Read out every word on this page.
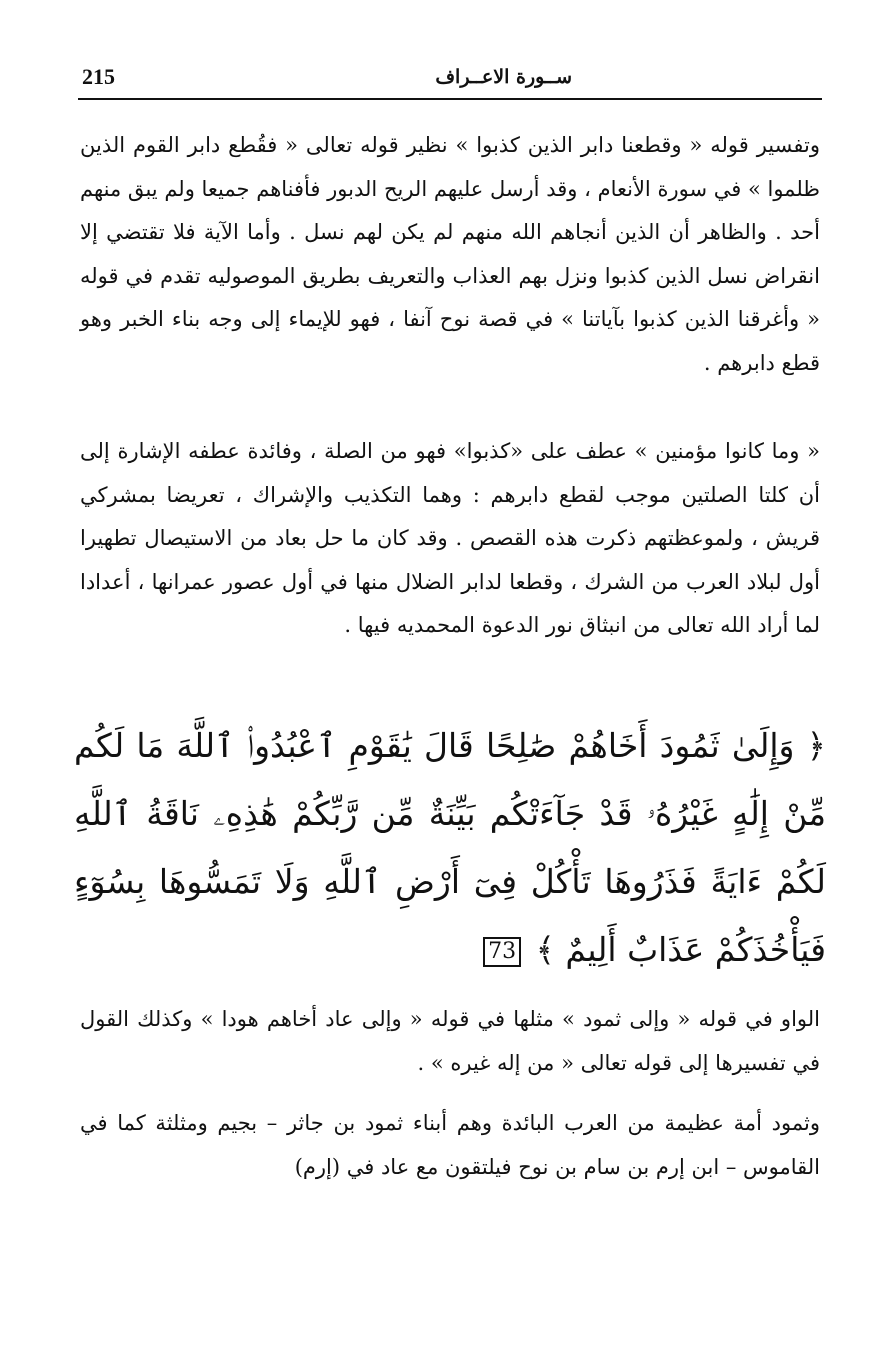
215	ســورة الاعــراف

وتفسير قوله « وقطعنا دابر الذين كذبوا » نظير قوله تعالى « فقُطع دابر القوم الذين ظلموا » في سورة الأنعام ، وقد أرسل عليهم الريح الدبور فأفناهم جميعا ولم يبق منهم أحد . والظاهر أن الذين أنجاهم الله منهم لم يكن لهم نسل . وأما الآية فلا تقتضي إلا انقراض نسل الذين كذبوا ونزل بهم العذاب والتعريف بطريق الموصوليه تقدم في قوله « وأغرقنا الذين كذبوا بآياتنا » في قصة نوح آنفا ، فهو للإيماء إلى وجه بناء الخبر وهو قطع دابرهم .

« وما كانوا مؤمنين » عطف على «كذبوا» فهو من الصلة ، وفائدة عطفه الإشارة إلى أن كلتا الصلتين موجب لقطع دابرهم : وهما التكذيب والإشراك ، تعريضا بمشركي قريش ، ولموعظتهم ذكرت هذه القصص . وقد كان ما حل بعاد من الاستيصال تطهيرا أول لبلاد العرب من الشرك ، وقطعا لدابر الضلال منها في أول عصور عمرانها ، أعدادا لما أراد الله تعالى من انبثاق نور الدعوة المحمديه فيها .

﴿ وَإِلَىٰ ثَمُودَ أَخَاهُمْ صَٰلِحًا قَالَ يَٰقَوْمِ ٱعْبُدُوا۟ ٱللَّهَ مَا لَكُم مِّنْ إِلَٰهٍ غَيْرُهُۥ قَدْ جَآءَتْكُم بَيِّنَةٌ مِّن رَّبِّكُمْ هَٰذِهِۦ نَاقَةُ ٱللَّهِ لَكُمْ ءَايَةً فَذَرُوهَا تَأْكُلْ فِىٓ أَرْضِ ٱللَّهِ وَلَا تَمَسُّوهَا بِسُوٓءٍ فَيَأْخُذَكُمْ عَذَابٌ أَلِيمٌ ﴾ 73

الواو في قوله « وإلى ثمود » مثلها في قوله « وإلى عاد أخاهم هودا » وكذلك القول في تفسيرها إلى قوله تعالى « من إله غيره » .

وثمود أمة عظيمة من العرب البائدة وهم أبناء ثمود بن جاثر – بجيم ومثلثة كما في القاموس – ابن إرم بن سام بن نوح فيلتقون مع عاد في (إرم)
